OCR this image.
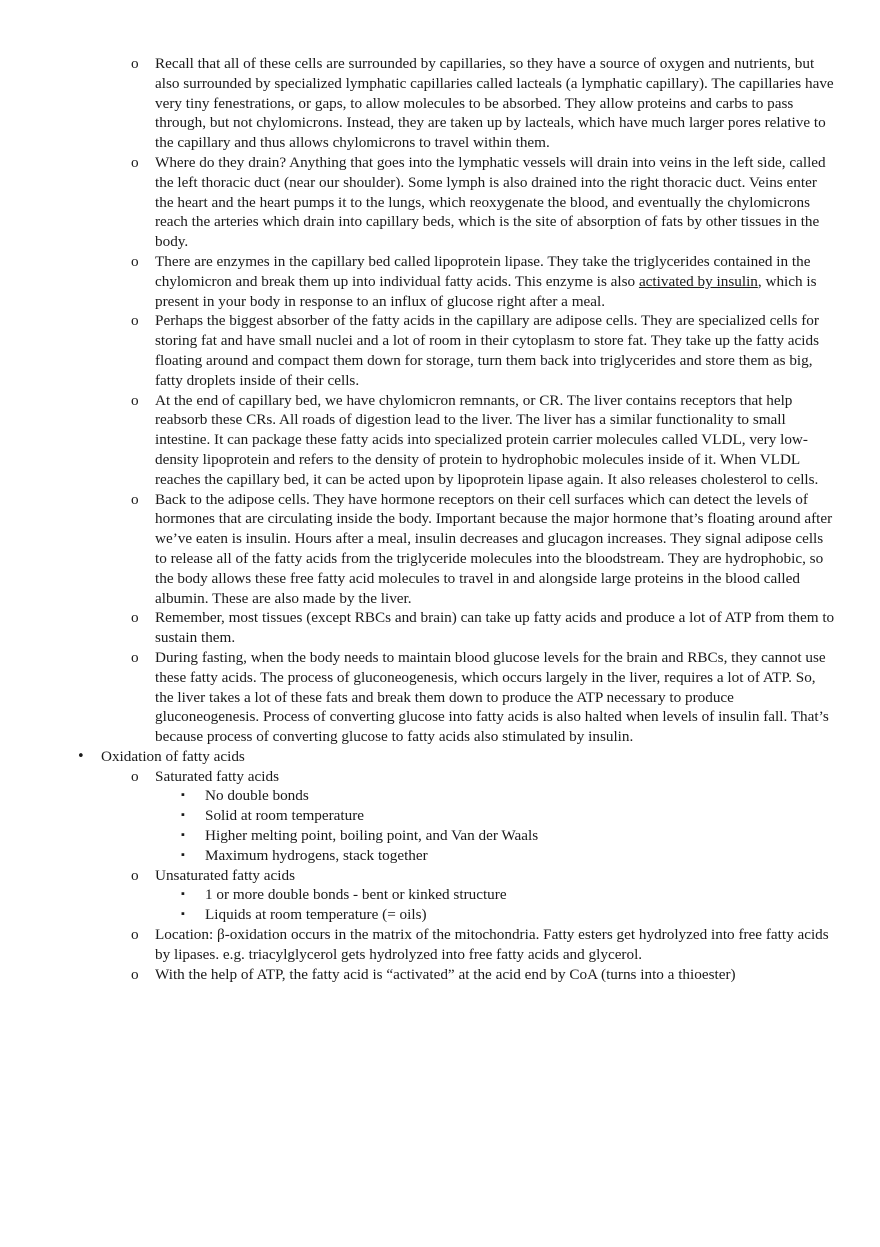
o Recall that all of these cells are surrounded by capillaries, so they have a source of oxygen and nutrients, but also surrounded by specialized lymphatic capillaries called lacteals (a lymphatic capillary). The capillaries have very tiny fenestrations, or gaps, to allow molecules to be absorbed. They allow proteins and carbs to pass through, but not chylomicrons. Instead, they are taken up by lacteals, which have much larger pores relative to the capillary and thus allows chylomicrons to travel within them.
o Where do they drain? Anything that goes into the lymphatic vessels will drain into veins in the left side, called the left thoracic duct (near our shoulder). Some lymph is also drained into the right thoracic duct. Veins enter the heart and the heart pumps it to the lungs, which reoxygenate the blood, and eventually the chylomicrons reach the arteries which drain into capillary beds, which is the site of absorption of fats by other tissues in the body.
o There are enzymes in the capillary bed called lipoprotein lipase. They take the triglycerides contained in the chylomicron and break them up into individual fatty acids. This enzyme is also activated by insulin, which is present in your body in response to an influx of glucose right after a meal.
o Perhaps the biggest absorber of the fatty acids in the capillary are adipose cells. They are specialized cells for storing fat and have small nuclei and a lot of room in their cytoplasm to store fat. They take up the fatty acids floating around and compact them down for storage, turn them back into triglycerides and store them as big, fatty droplets inside of their cells.
o At the end of capillary bed, we have chylomicron remnants, or CR. The liver contains receptors that help reabsorb these CRs. All roads of digestion lead to the liver. The liver has a similar functionality to small intestine. It can package these fatty acids into specialized protein carrier molecules called VLDL, very low-density lipoprotein and refers to the density of protein to hydrophobic molecules inside of it. When VLDL reaches the capillary bed, it can be acted upon by lipoprotein lipase again. It also releases cholesterol to cells.
o Back to the adipose cells. They have hormone receptors on their cell surfaces which can detect the levels of hormones that are circulating inside the body. Important because the major hormone that’s floating around after we’ve eaten is insulin. Hours after a meal, insulin decreases and glucagon increases. They signal adipose cells to release all of the fatty acids from the triglyceride molecules into the bloodstream. They are hydrophobic, so the body allows these free fatty acid molecules to travel in and alongside large proteins in the blood called albumin. These are also made by the liver.
o Remember, most tissues (except RBCs and brain) can take up fatty acids and produce a lot of ATP from them to sustain them.
o During fasting, when the body needs to maintain blood glucose levels for the brain and RBCs, they cannot use these fatty acids. The process of gluconeogenesis, which occurs largely in the liver, requires a lot of ATP. So, the liver takes a lot of these fats and break them down to produce the ATP necessary to produce gluconeogenesis. Process of converting glucose into fatty acids is also halted when levels of insulin fall. That’s because process of converting glucose to fatty acids also stimulated by insulin.
• Oxidation of fatty acids
o Saturated fatty acids
▪ No double bonds
▪ Solid at room temperature
▪ Higher melting point, boiling point, and Van der Waals
▪ Maximum hydrogens, stack together
o Unsaturated fatty acids
▪ 1 or more double bonds - bent or kinked structure
▪ Liquids at room temperature (= oils)
o Location: β-oxidation occurs in the matrix of the mitochondria. Fatty esters get hydrolyzed into free fatty acids by lipases. e.g. triacylglycerol gets hydrolyzed into free fatty acids and glycerol.
o With the help of ATP, the fatty acid is “activated” at the acid end by CoA (turns into a thioester)
